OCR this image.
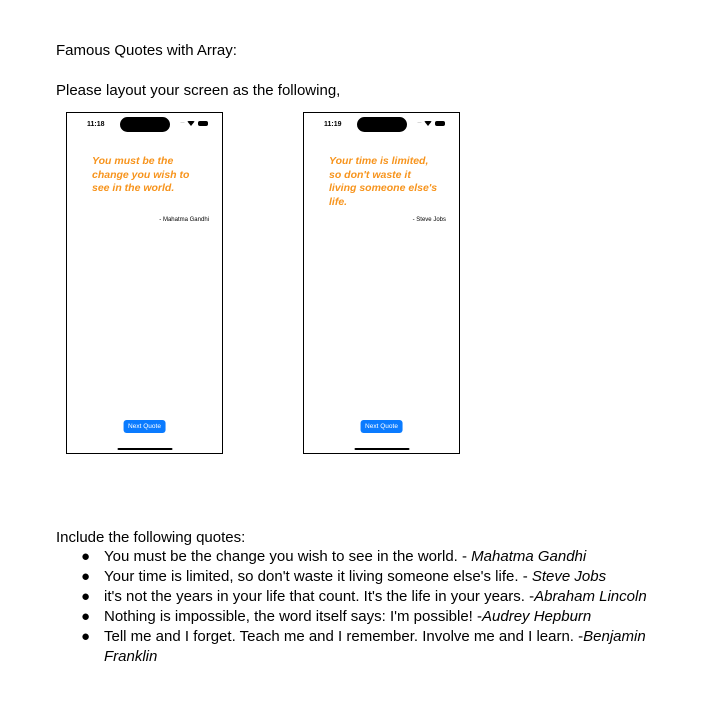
Famous Quotes with Array:
Please layout your screen as the following,
11:18	····
You must be the change you wish to see in the world.
- Mahatma Gandhi
Next Quote
11:19	····
Your time is limited, so don't waste it living someone else's life.
- Steve Jobs
Next Quote
Include the following quotes:
● You must be the change you wish to see in the world. - Mahatma Gandhi
● Your time is limited, so don't waste it living someone else's life. - Steve Jobs
● it's not the years in your life that count. It's the life in your years. -Abraham Lincoln
● Nothing is impossible, the word itself says: I'm possible! -Audrey Hepburn
● Tell me and I forget. Teach me and I remember. Involve me and I learn. -Benjamin Franklin
